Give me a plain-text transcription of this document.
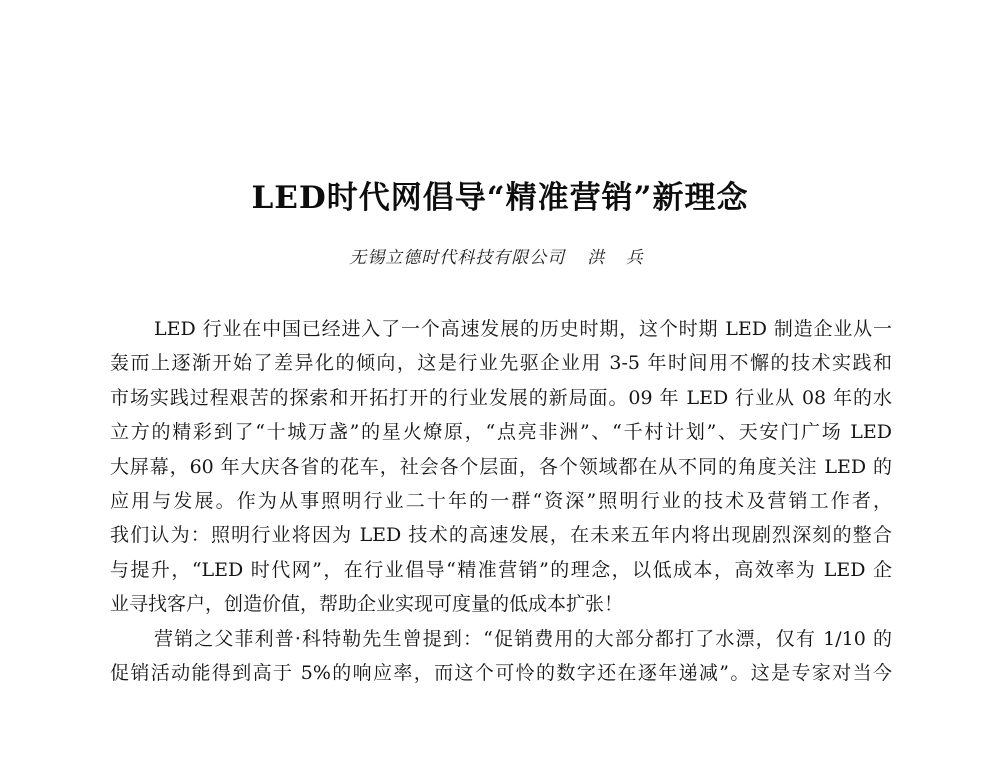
LED时代网倡导“精准营销”新理念
无锡立德时代科技有限公司 洪 兵
LED 行业在中国已经进入了一个高速发展的历史时期，这个时期 LED 制造企业从一
轰而上逐渐开始了差异化的倾向，这是行业先驱企业用 3-5 年时间用不懈的技术实践和
市场实践过程艰苦的探索和开拓打开的行业发展的新局面。09 年 LED 行业从 08 年的水
立方的精彩到了“十城万盏”的星火燎原，“点亮非洲”、“千村计划”、天安门广场 LED
大屏幕，60 年大庆各省的花车，社会各个层面，各个领域都在从不同的角度关注 LED 的
应用与发展。作为从事照明行业二十年的一群“资深”照明行业的技术及营销工作者，
我们认为：照明行业将因为 LED 技术的高速发展，在未来五年内将出现剧烈深刻的整合
与提升，“LED 时代网”，在行业倡导“精准营销”的理念，以低成本，高效率为 LED 企
业寻找客户，创造价值，帮助企业实现可度量的低成本扩张！
营销之父菲利普·科特勒先生曾提到：“促销费用的大部分都打了水漂，仅有 1/10 的
促销活动能得到高于 5%的响应率，而这个可怜的数字还在逐年递减”。这是专家对当今
